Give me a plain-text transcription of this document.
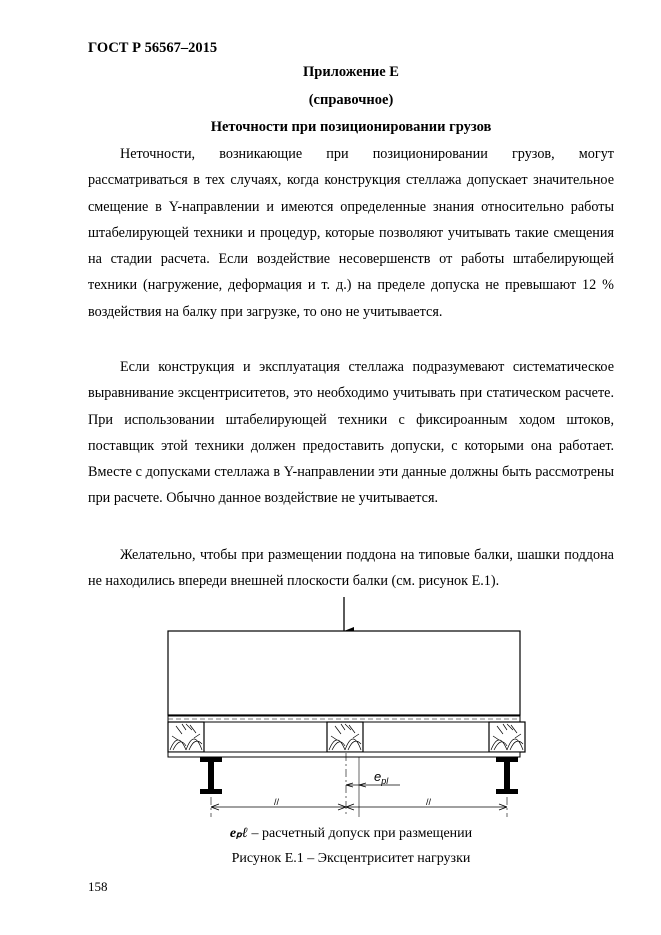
ГОСТ Р 56567–2015
Приложение Е
(справочное)
Неточности при позиционировании грузов

Неточности, возникающие при позиционировании грузов, могут рассматриваться в тех случаях, когда конструкция стеллажа допускает значительное смещение в Y-направлении и имеются определенные знания относительно работы штабелирующей техники и процедур, которые позволяют учитывать такие смещения на стадии расчета. Если воздействие несовершенств от работы штабелирующей техники (нагружение, деформация и т. д.) на пределе допуска не превышают 12 % воздействия на балку при загрузке, то оно не учитывается.

Если конструкция и эксплуатация стеллажа подразумевают систематическое выравнивание эксцентриситетов, это необходимо учитывать при статическом расчете. При использовании штабелирующей техники с фиксироанным ходом штоков, поставщик этой техники должен предоставить допуски, с которыми она работает. Вместе с допусками стеллажа в Y-направлении эти данные должны быть рассмотрены при расчете. Обычно данное воздействие не учитывается.

Желательно, чтобы при размещении поддона на типовые балки, шашки поддона не находились впереди внешней плоскости балки (см. рисунок Е.1).

//	//
$e_{pl}$
eₚℓ – расчетный допуск при размещении
Рисунок Е.1 – Эксцентриситет нагрузки
158
